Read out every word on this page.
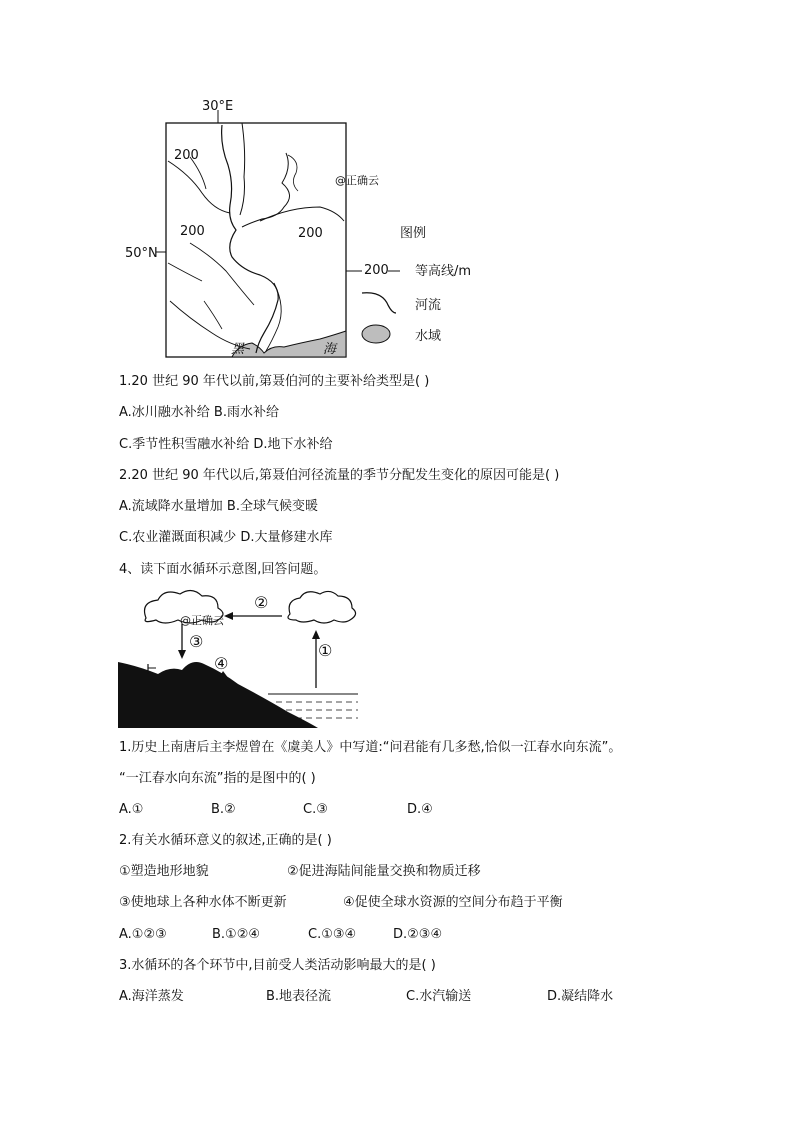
30°E
50°N
200
200	200
黑	海
@正确云
图例
200 等高线/m
河流
水域
1.20 世纪 90 年代以前,第聂伯河的主要补给类型是( )
A.冰川融水补给 B.雨水补给
C.季节性积雪融水补给 D.地下水补给
2.20 世纪 90 年代以后,第聂伯河径流量的季节分配发生变化的原因可能是( )
A.流域降水量增加 B.全球气候变暖
C.农业灌溉面积减少 D.大量修建水库
4、读下面水循环示意图,回答问题。
①
②
③
④
@正确云
1.历史上南唐后主李煜曾在《虞美人》中写道:“问君能有几多愁,恰似一江春水向东流”。
“一江春水向东流”指的是图中的( )
A.①	B.②	C.③	D.④
2.有关水循环意义的叙述,正确的是( )
①塑造地形地貌	②促进海陆间能量交换和物质迁移
③使地球上各种水体不断更新	④促使全球水资源的空间分布趋于平衡
A.①②③	B.①②④	C.①③④	D.②③④
3.水循环的各个环节中,目前受人类活动影响最大的是( )
A.海洋蒸发	B.地表径流	C.水汽输送	D.凝结降水
